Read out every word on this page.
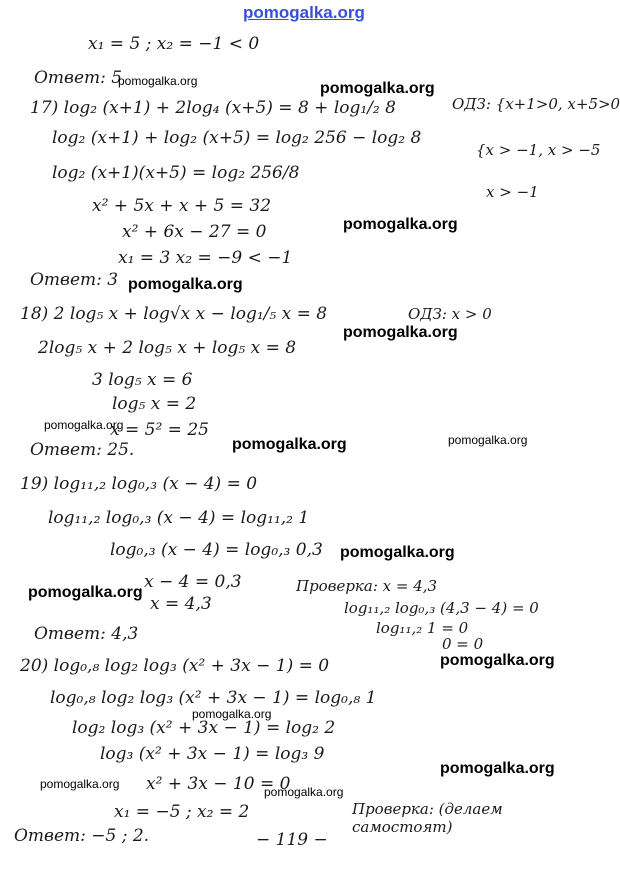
pomogalka.org
x₁ = 5 ; x₂ = −1 < 0
Ответ: 5
pomogalka.org	pomogalka.org
17) log₂ (x+1) + 2log₄ (x+5) = 8 + log₁/₂ 8	ОДЗ: {x+1>0, x+5>0
log₂ (x+1) + log₂ (x+5) = log₂ 256 − log₂ 8
{x > −1, x > −5
log₂ (x+1)(x+5) = log₂ 256/8
x > −1
x² + 5x + x + 5 = 32
pomogalka.org
x² + 6x − 27 = 0
x₁ = 3 x₂ = −9 < −1
Ответ: 3 pomogalka.org
18) 2 log₅ x + log√x x − log₁/₅ x = 8	ОДЗ: x > 0
pomogalka.org
2log₅ x + 2 log₅ x + log₅ x = 8
3 log₅ x = 6
log₅ x = 2
pomogalka.org
x = 5² = 25
Ответ: 25.	pomogalka.org	pomogalka.org
19) log₁₁,₂ log₀,₃ (x − 4) = 0
log₁₁,₂ log₀,₃ (x − 4) = log₁₁,₂ 1
log₀,₃ (x − 4) = log₀,₃ 0,3 pomogalka.org
x − 4 = 0,3	Проверка: x = 4,3
pomogalka.org
x = 4,3	log₁₁,₂ log₀,₃ (4,3 − 4) = 0
log₁₁,₂ 1 = 0
Ответ: 4,3	0 = 0
pomogalka.org
20) log₀,₈ log₂ log₃ (x² + 3x − 1) = 0
log₀,₈ log₂ log₃ (x² + 3x − 1) = log₀,₈ 1
pomogalka.org
log₂ log₃ (x² + 3x − 1) = log₂ 2
log₃ (x² + 3x − 1) = log₃ 9
pomogalka.org
x² + 3x − 10 = 0
pomogalka.org
pomogalka.org
x₁ = −5 ; x₂ = 2	Проверка: (делаем самостоят)
Ответ: −5 ; 2.	− 119 −
